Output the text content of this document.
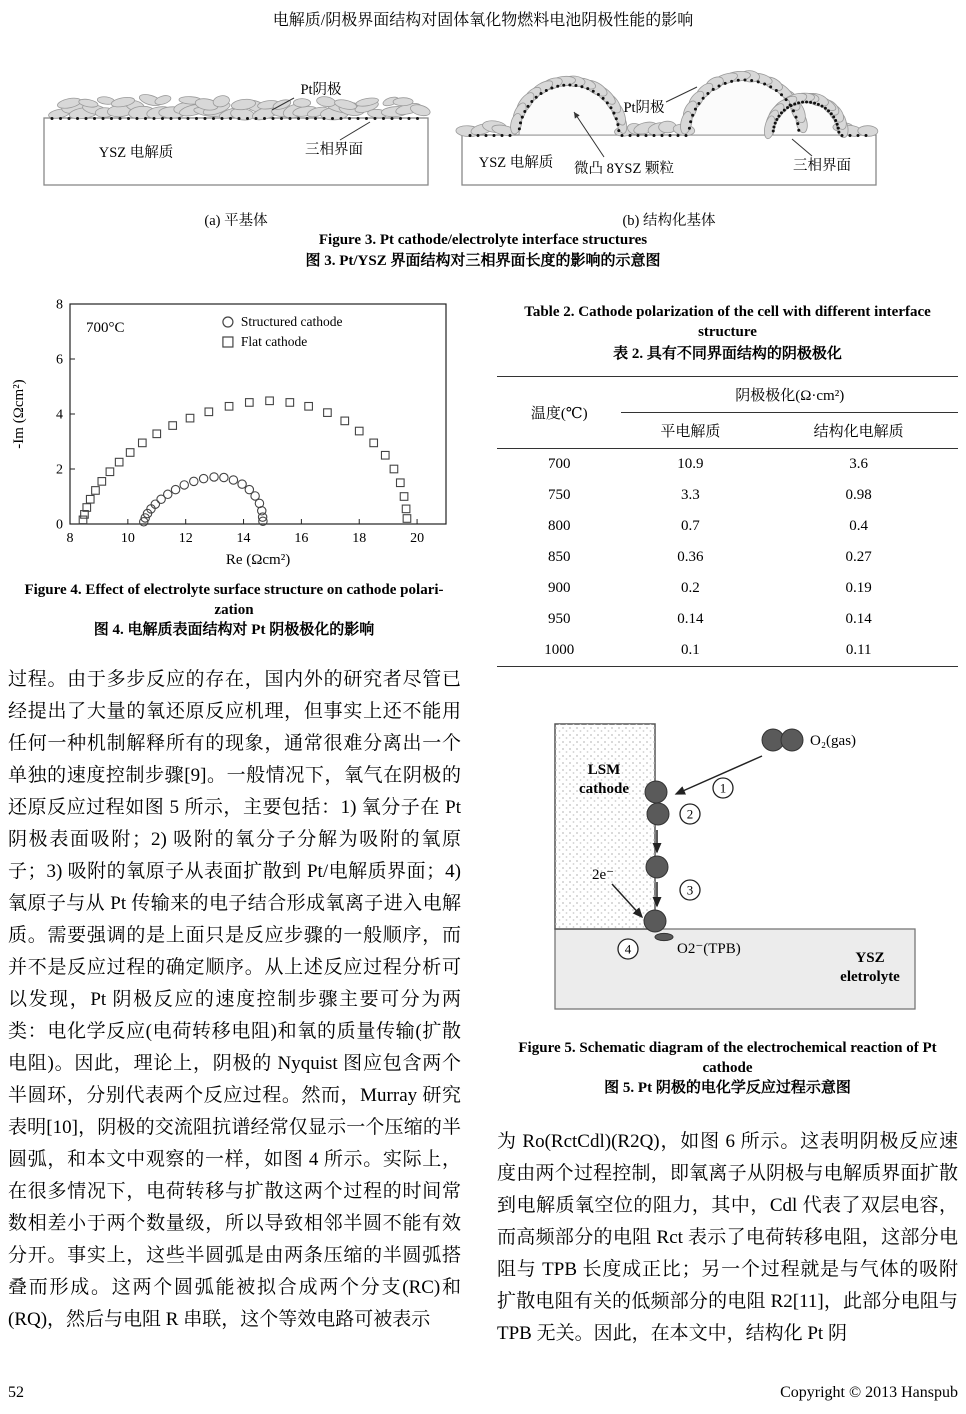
电解质/阴极界面结构对固体氧化物燃料电池阴极性能的影响
Pt阴极
YSZ 电解质	三相界面
(a) 平基体
Pt阴极
YSZ 电解质 微凸 8YSZ 颗粒	三相界面
(b) 结构化基体
Figure 3. Pt cathode/electrolyte interface structures
图 3. Pt/YSZ 界面结构对三相界面长度的影响的示意图
8	10	12	14	16	18	20
0
2
4
6
8
Re (Ωcm²)
-Im (Ωcm²)
700°C	Structured cathode
Flat cathode
Figure 4. Effect of electrolyte surface structure on cathode polari-zation
图 4. 电解质表面结构对 Pt 阴极极化的影响
过程。由于多步反应的存在，国内外的研究者尽管已经提出了大量的氧还原反应机理，但事实上还不能用任何一种机制解释所有的现象，通常很难分离出一个单独的速度控制步骤[9]。一般情况下，氧气在阴极的还原反应过程如图 5 所示，主要包括：1) 氧分子在 Pt 阴极表面吸附；2) 吸附的氧分子分解为吸附的氧原子；3) 吸附的氧原子从表面扩散到 Pt/电解质界面；4) 氧原子与从 Pt 传输来的电子结合形成氧离子进入电解质。需要强调的是上面只是反应步骤的一般顺序，而并不是反应过程的确定顺序。从上述反应过程分析可以发现，Pt 阴极反应的速度控制步骤主要可分为两类：电化学反应(电荷转移电阻)和氧的质量传输(扩散电阻)。因此，理论上，阴极的 Nyquist 图应包含两个半圆环，分别代表两个反应过程。然而，Murray 研究表明[10]，阴极的交流阻抗谱经常仅显示一个压缩的半圆弧，和本文中观察的一样，如图 4 所示。实际上，在很多情况下，电荷转移与扩散这两个过程的时间常数相差小于两个数量级，所以导致相邻半圆不能有效分开。事实上，这些半圆弧是由两条压缩的半圆弧搭叠而形成。这两个圆弧能被拟合成两个分支(RC)和(RQ)，然后与电阻 R 串联，这个等效电路可被表示
Table 2. Cathode polarization of the cell with different interface structure
表 2. 具有不同界面结构的阴极极化
温度(℃)	阴极极化(Ω·cm²)	
	平电解质	结构化电解质
700	10.9	3.6
750	3.3	0.98
800	0.7	0.4
850	0.36	0.27
900	0.2	0.19
950	0.14	0.14
1000	0.1	0.11
LSM
cathode
YSZ
eletrolyte
O₂(gas)
1
2
3
2e⁻
4	O2⁻(TPB)
Figure 5. Schematic diagram of the electrochemical reaction of Pt cathode
图 5. Pt 阴极的电化学反应过程示意图
为 Ro(RctCdl)(R2Q)，如图 6 所示。这表明阴极反应速度由两个过程控制，即氧离子从阴极与电解质界面扩散到电解质氧空位的阻力，其中，Cdl 代表了双层电容，而高频部分的电阻 Rct 表示了电荷转移电阻，这部分电阻与 TPB 长度成正比；另一个过程就是与气体的吸附扩散电阻有关的低频部分的电阻 R2[11]，此部分电阻与 TPB 无关。因此，在本文中，结构化 Pt 阴
52	Copyright © 2013 Hanspub
